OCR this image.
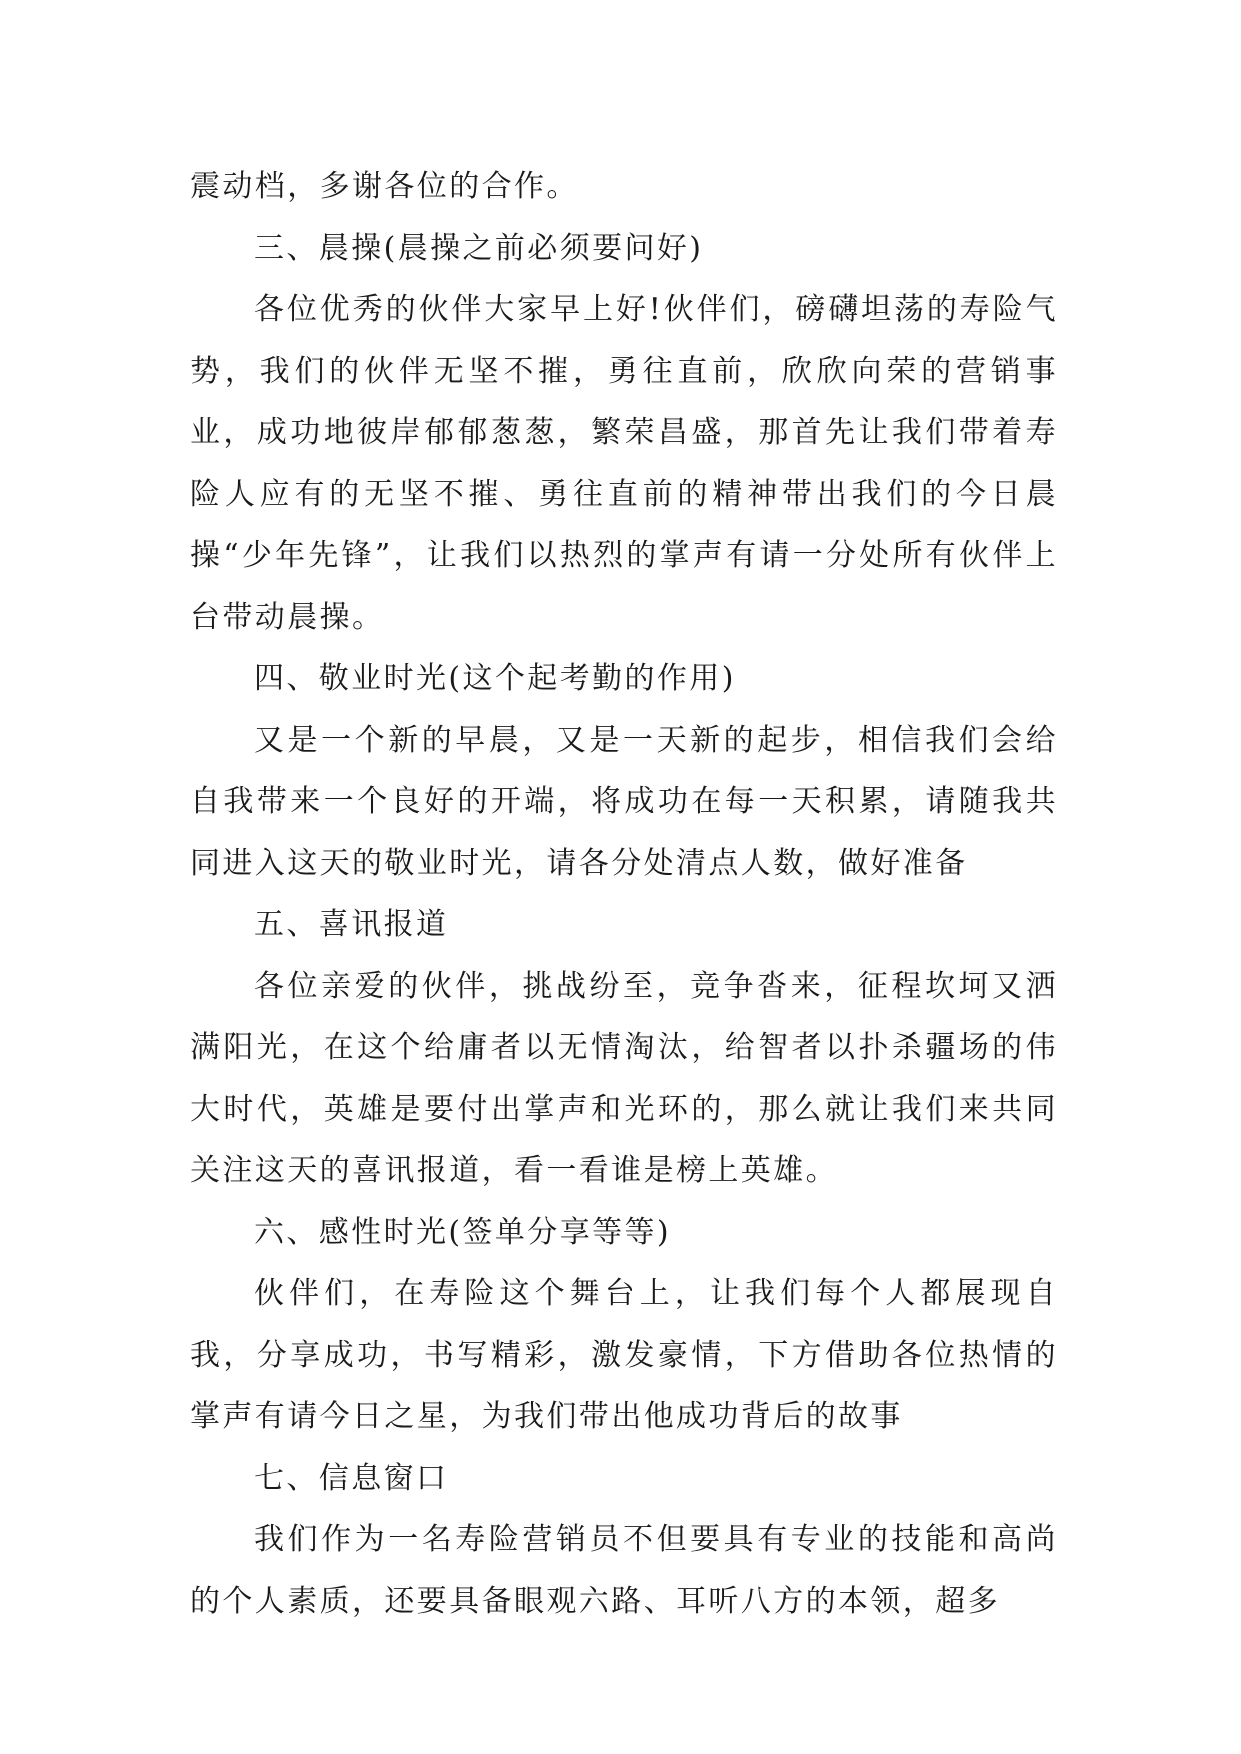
震动档，多谢各位的合作。

三、晨操(晨操之前必须要问好)

各位优秀的伙伴大家早上好!伙伴们，磅礴坦荡的寿险气势，我们的伙伴无坚不摧，勇往直前，欣欣向荣的营销事业，成功地彼岸郁郁葱葱，繁荣昌盛，那首先让我们带着寿险人应有的无坚不摧、勇往直前的精神带出我们的今日晨操“少年先锋”，让我们以热烈的掌声有请一分处所有伙伴上台带动晨操。

四、敬业时光(这个起考勤的作用)

又是一个新的早晨，又是一天新的起步，相信我们会给自我带来一个良好的开端，将成功在每一天积累，请随我共同进入这天的敬业时光，请各分处清点人数，做好准备

五、喜讯报道

各位亲爱的伙伴，挑战纷至，竞争沓来，征程坎坷又洒满阳光，在这个给庸者以无情淘汰，给智者以扑杀疆场的伟大时代，英雄是要付出掌声和光环的，那么就让我们来共同关注这天的喜讯报道，看一看谁是榜上英雄。

六、感性时光(签单分享等等)

伙伴们，在寿险这个舞台上，让我们每个人都展现自我，分享成功，书写精彩，激发豪情，下方借助各位热情的掌声有请今日之星，为我们带出他成功背后的故事

七、信息窗口

我们作为一名寿险营销员不但要具有专业的技能和高尚的个人素质，还要具备眼观六路、耳听八方的本领，超多
